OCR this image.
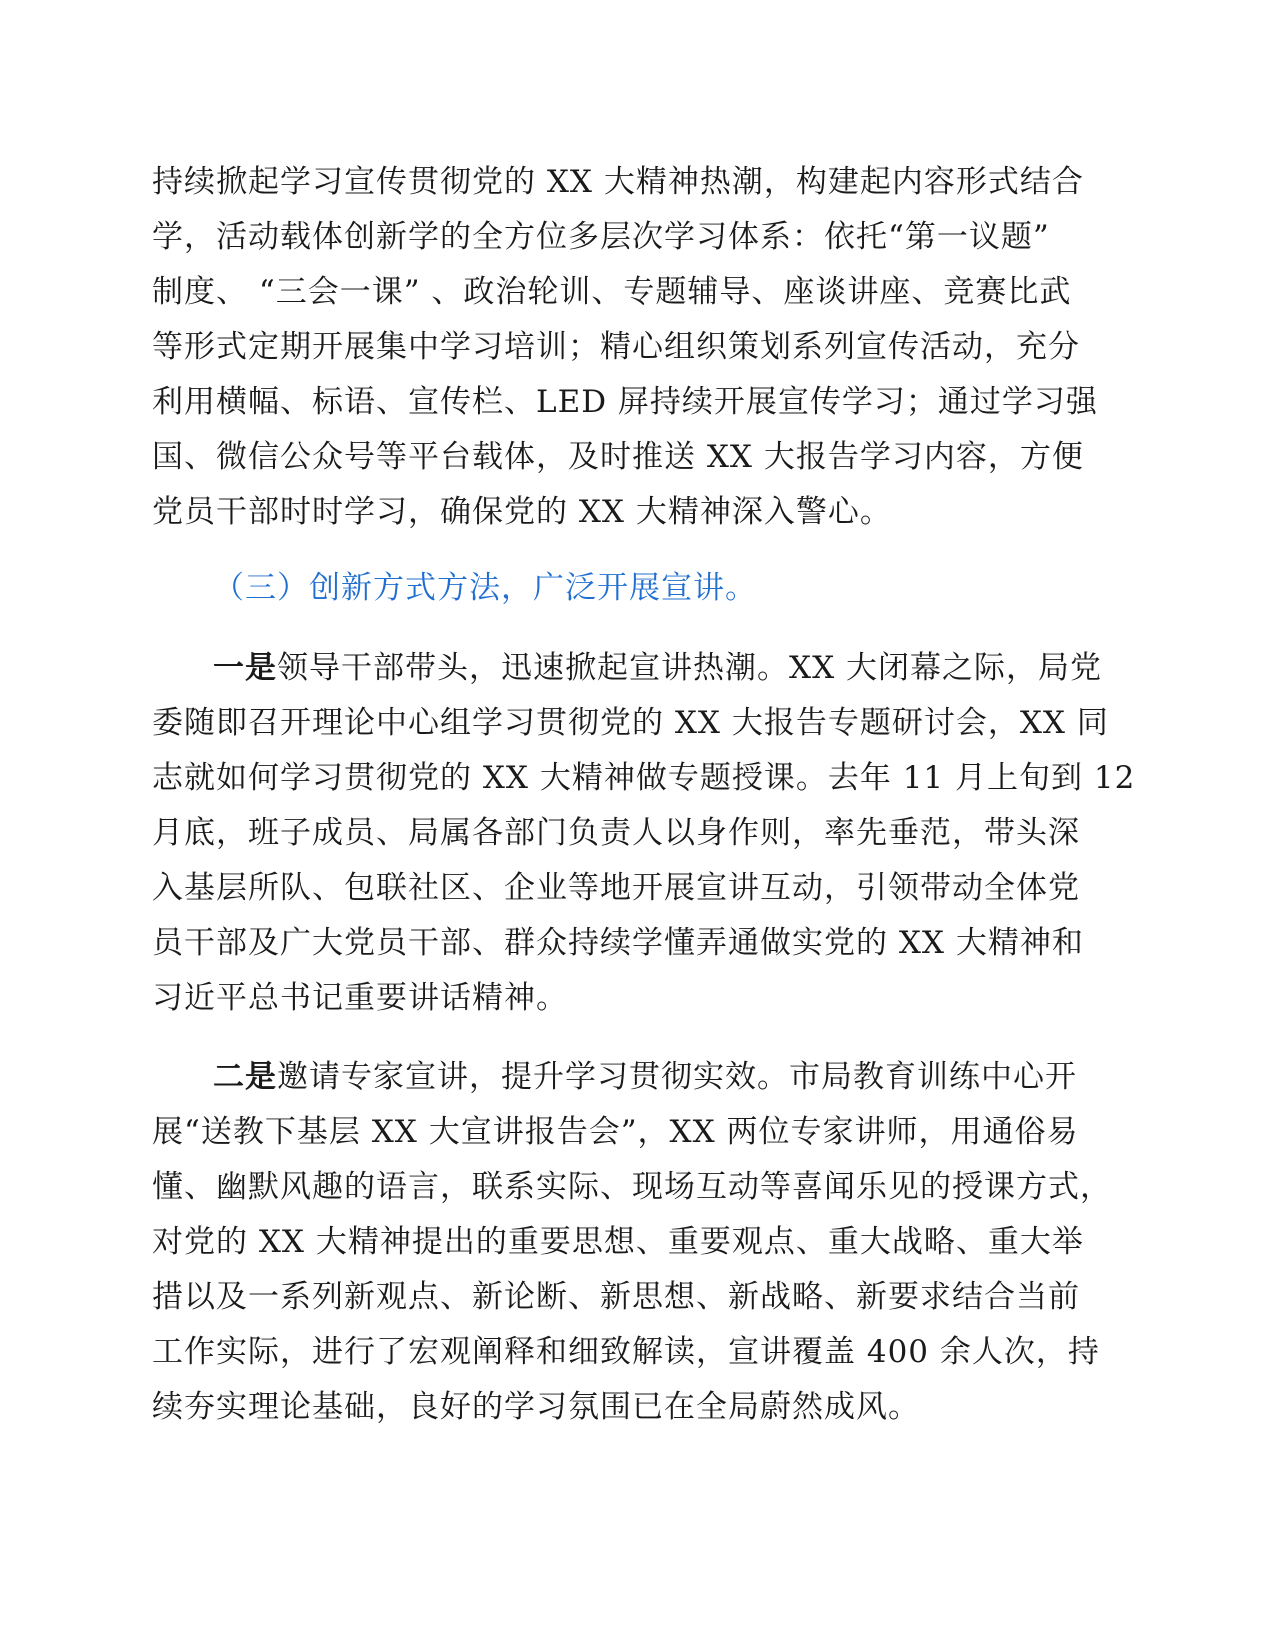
持续掀起学习宣传贯彻党的 XX 大精神热潮，构建起内容形式结合
学，活动载体创新学的全方位多层次学习体系：依托“第一议题”
制度、 “三会一课” 、政治轮训、专题辅导、座谈讲座、竞赛比武
等形式定期开展集中学习培训；精心组织策划系列宣传活动，充分
利用横幅、标语、宣传栏、LED 屏持续开展宣传学习；通过学习强
国、微信公众号等平台载体，及时推送 XX 大报告学习内容，方便
党员干部时时学习，确保党的 XX 大精神深入警心。
（三）创新方式方法，广泛开展宣讲。
一是领导干部带头，迅速掀起宣讲热潮。XX 大闭幕之际，局党
委随即召开理论中心组学习贯彻党的 XX 大报告专题研讨会，XX 同
志就如何学习贯彻党的 XX 大精神做专题授课。去年 11 月上旬到 12
月底，班子成员、局属各部门负责人以身作则，率先垂范，带头深
入基层所队、包联社区、企业等地开展宣讲互动，引领带动全体党
员干部及广大党员干部、群众持续学懂弄通做实党的 XX 大精神和
习近平总书记重要讲话精神。
二是邀请专家宣讲，提升学习贯彻实效。市局教育训练中心开
展“送教下基层 XX 大宣讲报告会”，XX 两位专家讲师，用通俗易
懂、幽默风趣的语言，联系实际、现场互动等喜闻乐见的授课方式，
对党的 XX 大精神提出的重要思想、重要观点、重大战略、重大举
措以及一系列新观点、新论断、新思想、新战略、新要求结合当前
工作实际，进行了宏观阐释和细致解读，宣讲覆盖 400 余人次，持
续夯实理论基础，良好的学习氛围已在全局蔚然成风。
